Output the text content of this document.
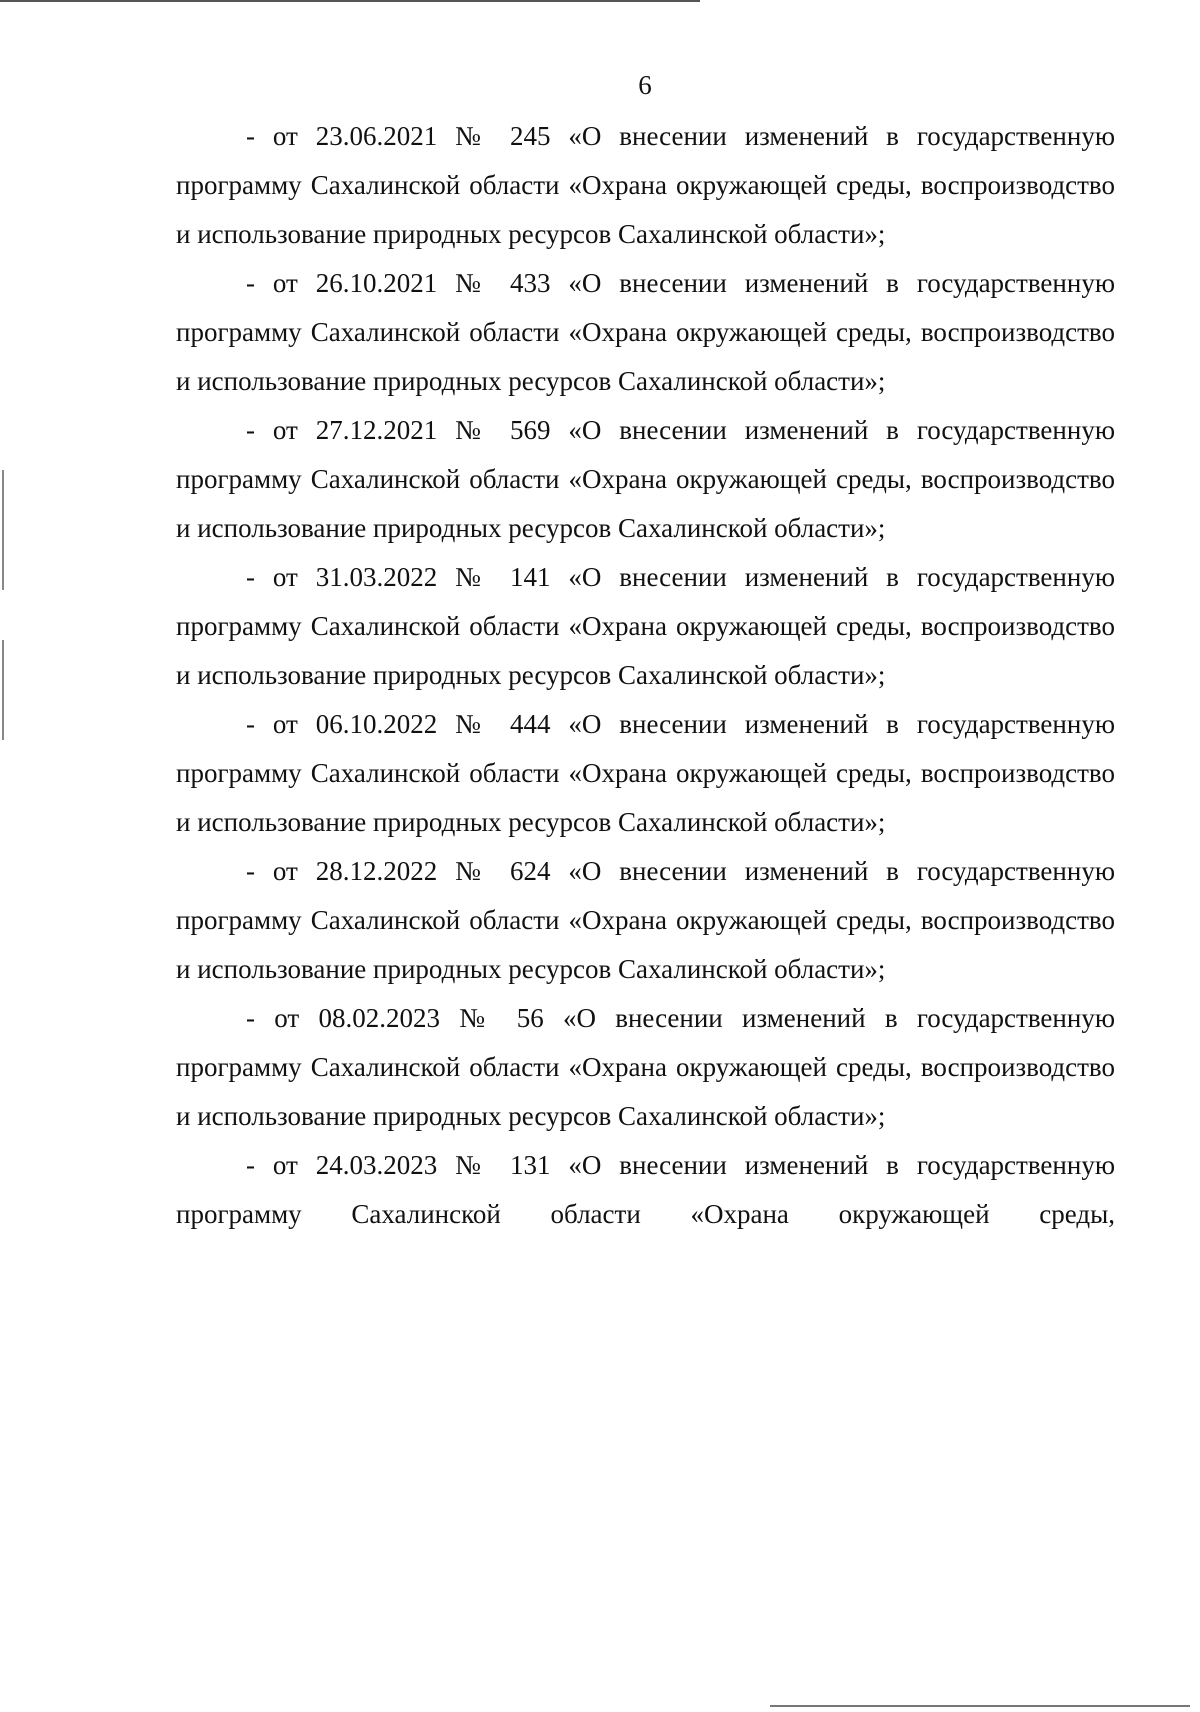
6

- от 23.06.2021 № 245 «О внесении изменений в государственную программу Сахалинской области «Охрана окружающей среды, воспроизводство и использование природных ресурсов Сахалинской области»;

- от 26.10.2021 № 433 «О внесении изменений в государственную программу Сахалинской области «Охрана окружающей среды, воспроизводство и использование природных ресурсов Сахалинской области»;

- от 27.12.2021 № 569 «О внесении изменений в государственную программу Сахалинской области «Охрана окружающей среды, воспроизводство и использование природных ресурсов Сахалинской области»;

- от 31.03.2022 № 141 «О внесении изменений в государственную программу Сахалинской области «Охрана окружающей среды, воспроизводство и использование природных ресурсов Сахалинской области»;

- от 06.10.2022 № 444 «О внесении изменений в государственную программу Сахалинской области «Охрана окружающей среды, воспроизводство и использование природных ресурсов Сахалинской области»;

- от 28.12.2022 № 624 «О внесении изменений в государственную программу Сахалинской области «Охрана окружающей среды, воспроизводство и использование природных ресурсов Сахалинской области»;

- от 08.02.2023 № 56 «О внесении изменений в государственную программу Сахалинской области «Охрана окружающей среды, воспроизводство и использование природных ресурсов Сахалинской области»;

- от 24.03.2023 № 131 «О внесении изменений в государственную программу Сахалинской области «Охрана окружающей среды,
